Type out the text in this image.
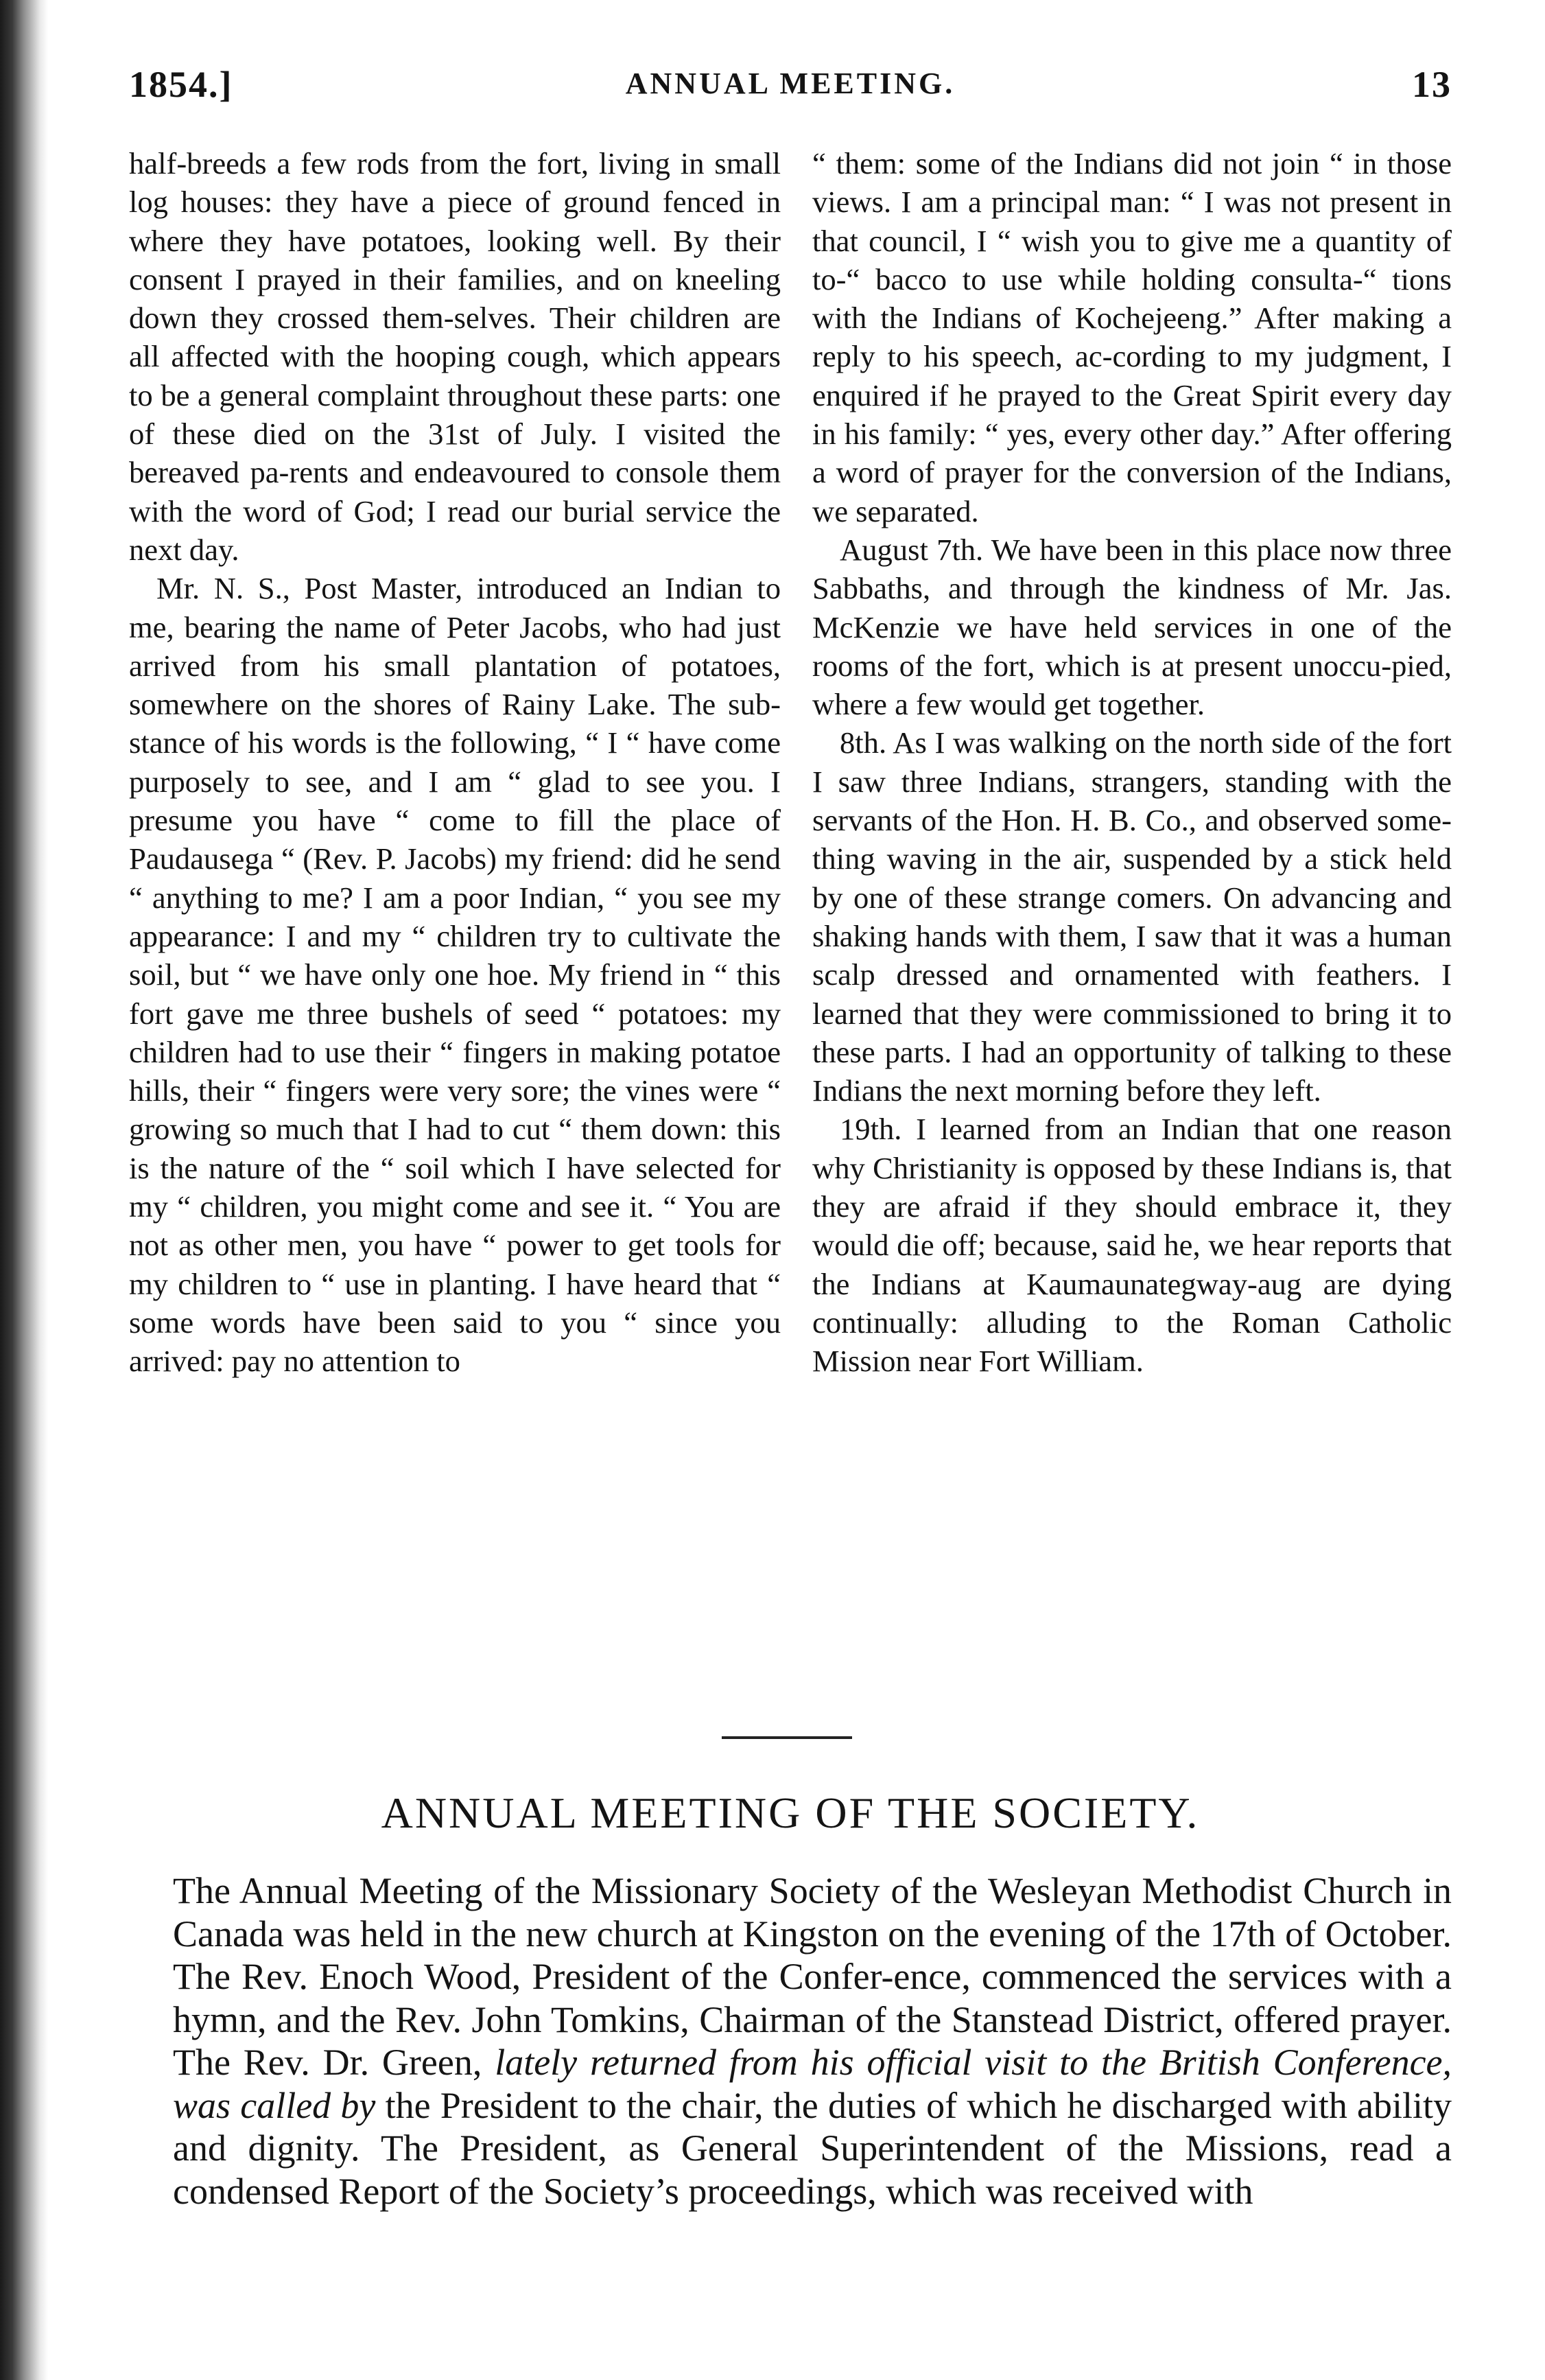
1854.]	ANNUAL MEETING.	13

half-breeds a few rods from the fort, living in small log houses: they have a piece of ground fenced in where they have potatoes, looking well. By their consent I prayed in their families, and on kneeling down they crossed them-selves. Their children are all affected with the hooping cough, which appears to be a general complaint throughout these parts: one of these died on the 31st of July. I visited the bereaved pa-rents and endeavoured to console them with the word of God; I read our burial service the next day.

Mr. N. S., Post Master, introduced an Indian to me, bearing the name of Peter Jacobs, who had just arrived from his small plantation of potatoes, somewhere on the shores of Rainy Lake. The sub-stance of his words is the following, “ I “ have come purposely to see, and I am “ glad to see you. I presume you have “ come to fill the place of Paudausega “ (Rev. P. Jacobs) my friend: did he send “ anything to me? I am a poor Indian, “ you see my appearance: I and my “ children try to cultivate the soil, but “ we have only one hoe. My friend in “ this fort gave me three bushels of seed “ potatoes: my children had to use their “ fingers in making potatoe hills, their “ fingers were very sore; the vines were “ growing so much that I had to cut “ them down: this is the nature of the “ soil which I have selected for my “ children, you might come and see it. “ You are not as other men, you have “ power to get tools for my children to “ use in planting. I have heard that “ some words have been said to you “ since you arrived: pay no attention to

“ them: some of the Indians did not join “ in those views. I am a principal man: “ I was not present in that council, I “ wish you to give me a quantity of to-“ bacco to use while holding consulta-“ tions with the Indians of Kochejeeng.” After making a reply to his speech, ac-cording to my judgment, I enquired if he prayed to the Great Spirit every day in his family: “ yes, every other day.” After offering a word of prayer for the conversion of the Indians, we separated.

August 7th. We have been in this place now three Sabbaths, and through the kindness of Mr. Jas. McKenzie we have held services in one of the rooms of the fort, which is at present unoccu-pied, where a few would get together.

8th. As I was walking on the north side of the fort I saw three Indians, strangers, standing with the servants of the Hon. H. B. Co., and observed some-thing waving in the air, suspended by a stick held by one of these strange comers. On advancing and shaking hands with them, I saw that it was a human scalp dressed and ornamented with feathers. I learned that they were commissioned to bring it to these parts. I had an opportunity of talking to these Indians the next morning before they left.

19th. I learned from an Indian that one reason why Christianity is opposed by these Indians is, that they are afraid if they should embrace it, they would die off; because, said he, we hear reports that the Indians at Kaumaunategway-aug are dying continually: alluding to the Roman Catholic Mission near Fort William.

ANNUAL MEETING OF THE SOCIETY.
The Annual Meeting of the Missionary Society of the Wesleyan Methodist Church in Canada was held in the new church at Kingston on the evening of the 17th of October. The Rev. Enoch Wood, President of the Confer-ence, commenced the services with a hymn, and the Rev. John Tomkins, Chairman of the Stanstead District, offered prayer. The Rev. Dr. Green, lately returned from his official visit to the British Conference, was called by the President to the chair, the duties of which he discharged with ability and dignity. The President, as General Superintendent of the Missions, read a condensed Report of the Society’s proceedings, which was received with
